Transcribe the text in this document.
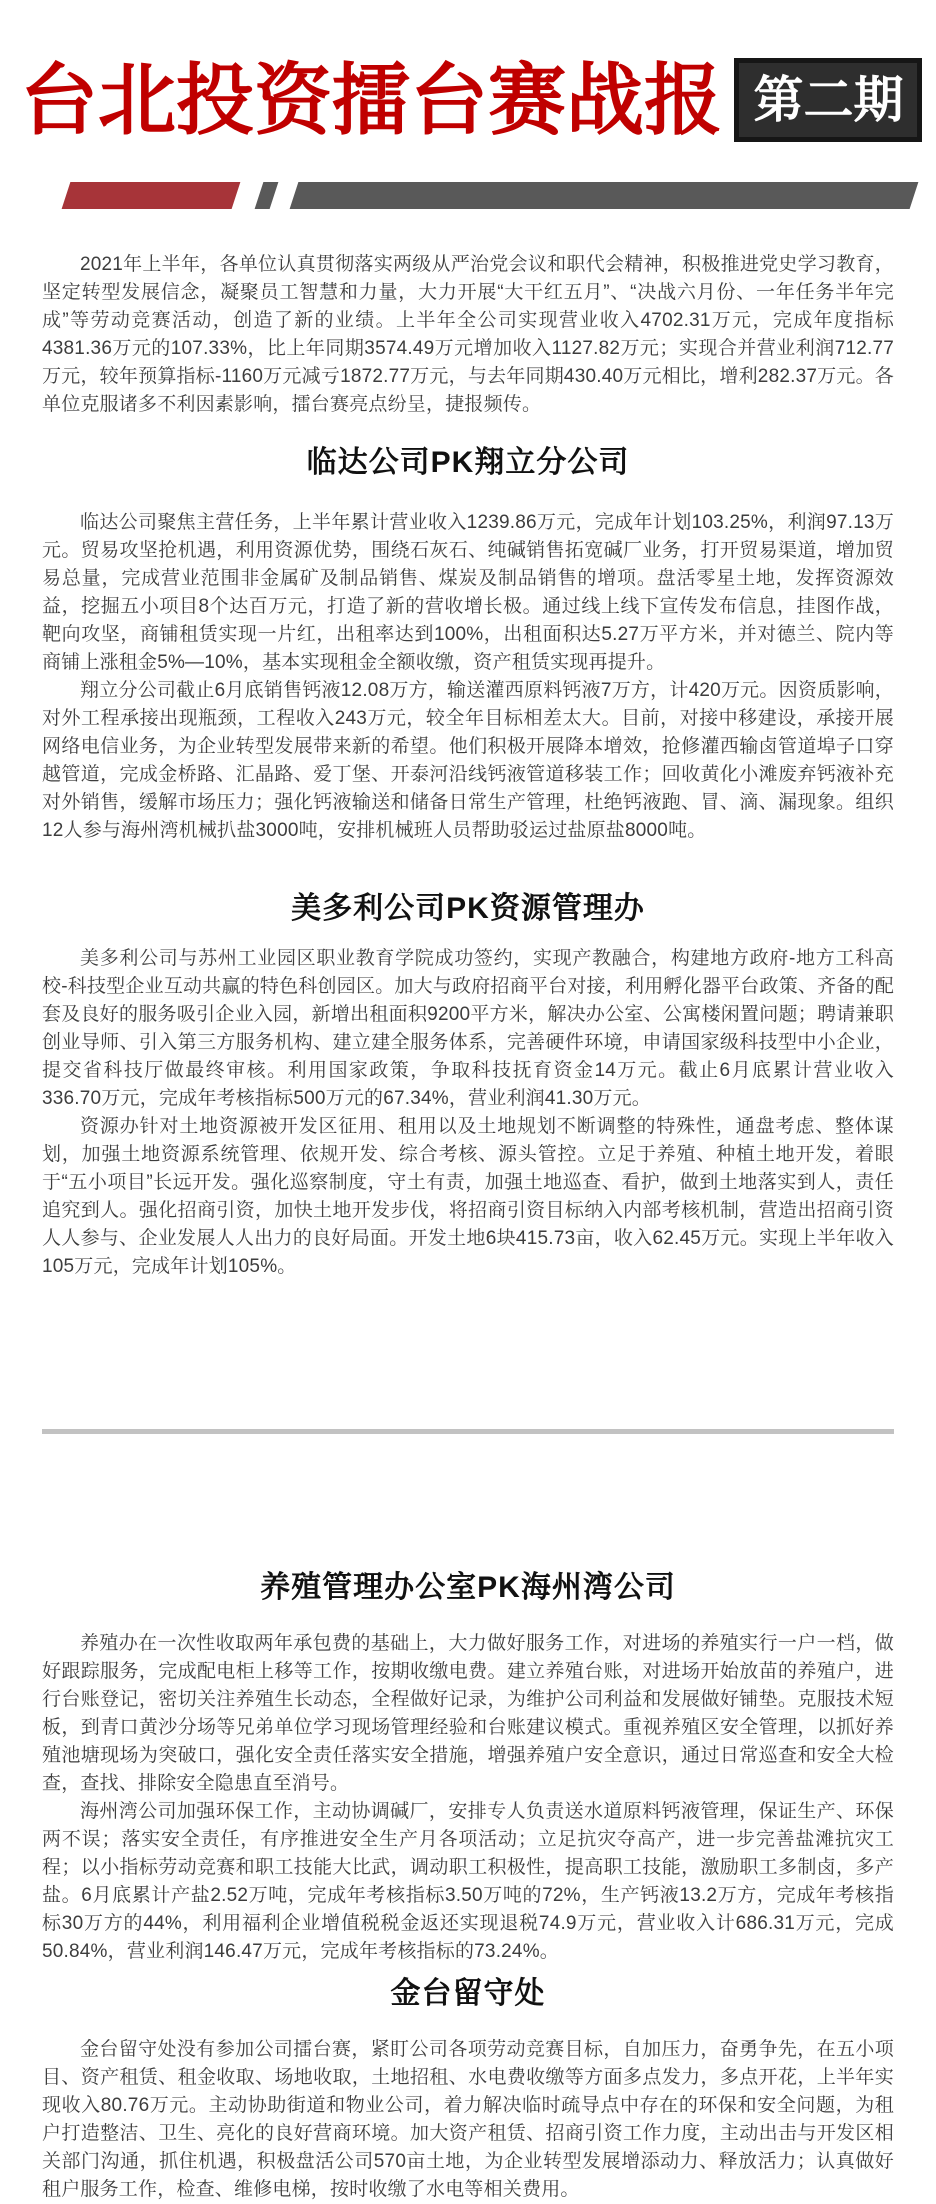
台北投资擂台赛战报 第二期

2021年上半年，各单位认真贯彻落实两级从严治党会议和职代会精神，积极推进党史学习教育，坚定转型发展信念，凝聚员工智慧和力量，大力开展“大干红五月”、“决战六月份、一年任务半年完成”等劳动竞赛活动，创造了新的业绩。上半年全公司实现营业收入4702.31万元，完成年度指标4381.36万元的107.33%，比上年同期3574.49万元增加收入1127.82万元；实现合并营业利润712.77万元，较年预算指标-1160万元减亏1872.77万元，与去年同期430.40万元相比，增利282.37万元。各单位克服诸多不利因素影响，擂台赛亮点纷呈，捷报频传。

临达公司PK翔立分公司

临达公司聚焦主营任务，上半年累计营业收入1239.86万元，完成年计划103.25%，利润97.13万元。贸易攻坚抢机遇，利用资源优势，围绕石灰石、纯碱销售拓宽碱厂业务，打开贸易渠道，增加贸易总量，完成营业范围非金属矿及制品销售、煤炭及制品销售的增项。盘活零星土地，发挥资源效益，挖掘五小项目8个达百万元，打造了新的营收增长极。通过线上线下宣传发布信息，挂图作战，靶向攻坚，商铺租赁实现一片红，出租率达到100%，出租面积达5.27万平方米，并对德兰、院内等商铺上涨租金5%—10%，基本实现租金全额收缴，资产租赁实现再提升。

翔立分公司截止6月底销售钙液12.08万方，输送灌西原料钙液7万方，计420万元。因资质影响，对外工程承接出现瓶颈，工程收入243万元，较全年目标相差太大。目前，对接中移建设，承接开展网络电信业务，为企业转型发展带来新的希望。他们积极开展降本增效，抢修灌西输卤管道埠子口穿越管道，完成金桥路、汇晶路、爱丁堡、开泰河沿线钙液管道移装工作；回收黄化小滩废弃钙液补充对外销售，缓解市场压力；强化钙液输送和储备日常生产管理，杜绝钙液跑、冒、滴、漏现象。组织12人参与海州湾机械扒盐3000吨，安排机械班人员帮助驳运过盐原盐8000吨。

美多利公司PK资源管理办

美多利公司与苏州工业园区职业教育学院成功签约，实现产教融合，构建地方政府-地方工科高校-科技型企业互动共赢的特色科创园区。加大与政府招商平台对接，利用孵化器平台政策、齐备的配套及良好的服务吸引企业入园，新增出租面积9200平方米，解决办公室、公寓楼闲置问题；聘请兼职创业导师、引入第三方服务机构、建立建全服务体系，完善硬件环境，申请国家级科技型中小企业，提交省科技厅做最终审核。利用国家政策，争取科技抚育资金14万元。截止6月底累计营业收入336.70万元，完成年考核指标500万元的67.34%，营业利润41.30万元。

资源办针对土地资源被开发区征用、租用以及土地规划不断调整的特殊性，通盘考虑、整体谋划，加强土地资源系统管理、依规开发、综合考核、源头管控。立足于养殖、种植土地开发，着眼于“五小项目”长远开发。强化巡察制度，守土有责，加强土地巡查、看护，做到土地落实到人，责任追究到人。强化招商引资，加快土地开发步伐，将招商引资目标纳入内部考核机制，营造出招商引资人人参与、企业发展人人出力的良好局面。开发土地6块415.73亩，收入62.45万元。实现上半年收入105万元，完成年计划105%。

养殖管理办公室PK海州湾公司

养殖办在一次性收取两年承包费的基础上，大力做好服务工作，对进场的养殖实行一户一档，做好跟踪服务，完成配电柜上移等工作，按期收缴电费。建立养殖台账，对进场开始放苗的养殖户，进行台账登记，密切关注养殖生长动态，全程做好记录，为维护公司利益和发展做好铺垫。克服技术短板，到青口黄沙分场等兄弟单位学习现场管理经验和台账建议模式。重视养殖区安全管理，以抓好养殖池塘现场为突破口，强化安全责任落实安全措施，增强养殖户安全意识，通过日常巡查和安全大检查，查找、排除安全隐患直至消号。

海州湾公司加强环保工作，主动协调碱厂，安排专人负责送水道原料钙液管理，保证生产、环保两不误；落实安全责任，有序推进安全生产月各项活动；立足抗灾夺高产，进一步完善盐滩抗灾工程；以小指标劳动竞赛和职工技能大比武，调动职工积极性，提高职工技能，激励职工多制卤，多产盐。6月底累计产盐2.52万吨，完成年考核指标3.50万吨的72%，生产钙液13.2万方，完成年考核指标30万方的44%，利用福利企业增值税税金返还实现退税74.9万元，营业收入计686.31万元，完成50.84%，营业利润146.47万元，完成年考核指标的73.24%。

金台留守处

金台留守处没有参加公司擂台赛，紧盯公司各项劳动竞赛目标，自加压力，奋勇争先，在五小项目、资产租赁、租金收取、场地收取，土地招租、水电费收缴等方面多点发力，多点开花，上半年实现收入80.76万元。主动协助街道和物业公司，着力解决临时疏导点中存在的环保和安全问题，为租户打造整洁、卫生、亮化的良好营商环境。加大资产租赁、招商引资工作力度，主动出击与开发区相关部门沟通，抓住机遇，积极盘活公司570亩土地，为企业转型发展增添动力、释放活力；认真做好租户服务工作，检查、维修电梯，按时收缴了水电等相关费用。
